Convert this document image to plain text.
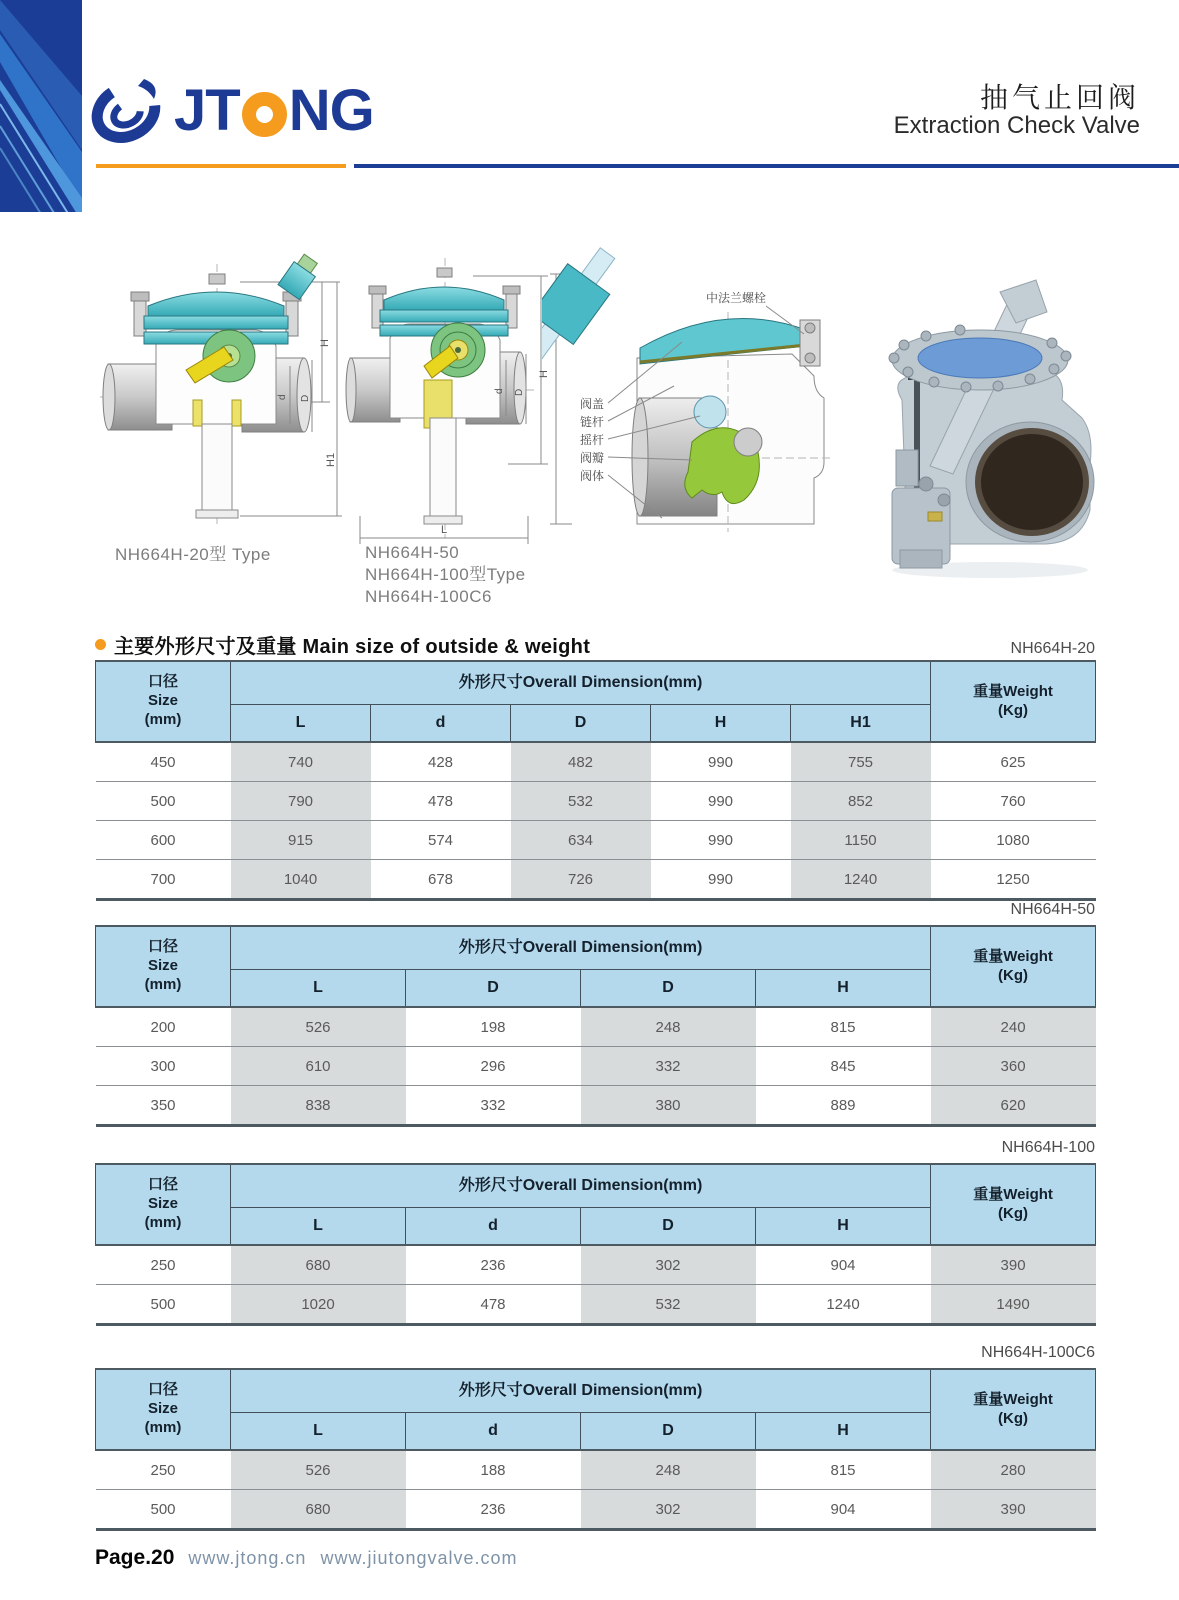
JT NG	抽气止回阀
Extraction Check Valve
H
H1
d D
NH664H-20型 Type
H
L
d D
NH664H-50
NH664H-100型Type
NH664H-100C6
中法兰螺栓
阀盖
链杆
摇杆
阀瓣
阀体
主要外形尺寸及重量 Main size of outside & weight	NH664H-20
口径
Size
(mm)	外形尺寸Overall Dimension(mm)					重量Weight
(Kg)
	L	d	D	H	H1	
450	740	428	482	990	755	625
500	790	478	532	990	852	760
600	915	574	634	990	1150	1080
700	1040	678	726	990	1240	1250
NH664H-50
口径
Size
(mm)	外形尺寸Overall Dimension(mm)				重量Weight
(Kg)
	L	D	D	H	
200	526	198	248	815	240
300	610	296	332	845	360
350	838	332	380	889	620
NH664H-100
口径
Size
(mm)	外形尺寸Overall Dimension(mm)				重量Weight
(Kg)
	L	d	D	H	
250	680	236	302	904	390
500	1020	478	532	1240	1490
NH664H-100C6
口径
Size
(mm)	外形尺寸Overall Dimension(mm)				重量Weight
(Kg)
	L	d	D	H	
250	526	188	248	815	280
500	680	236	302	904	390
Page.20 www.jtong.cn www.jiutongvalve.com
